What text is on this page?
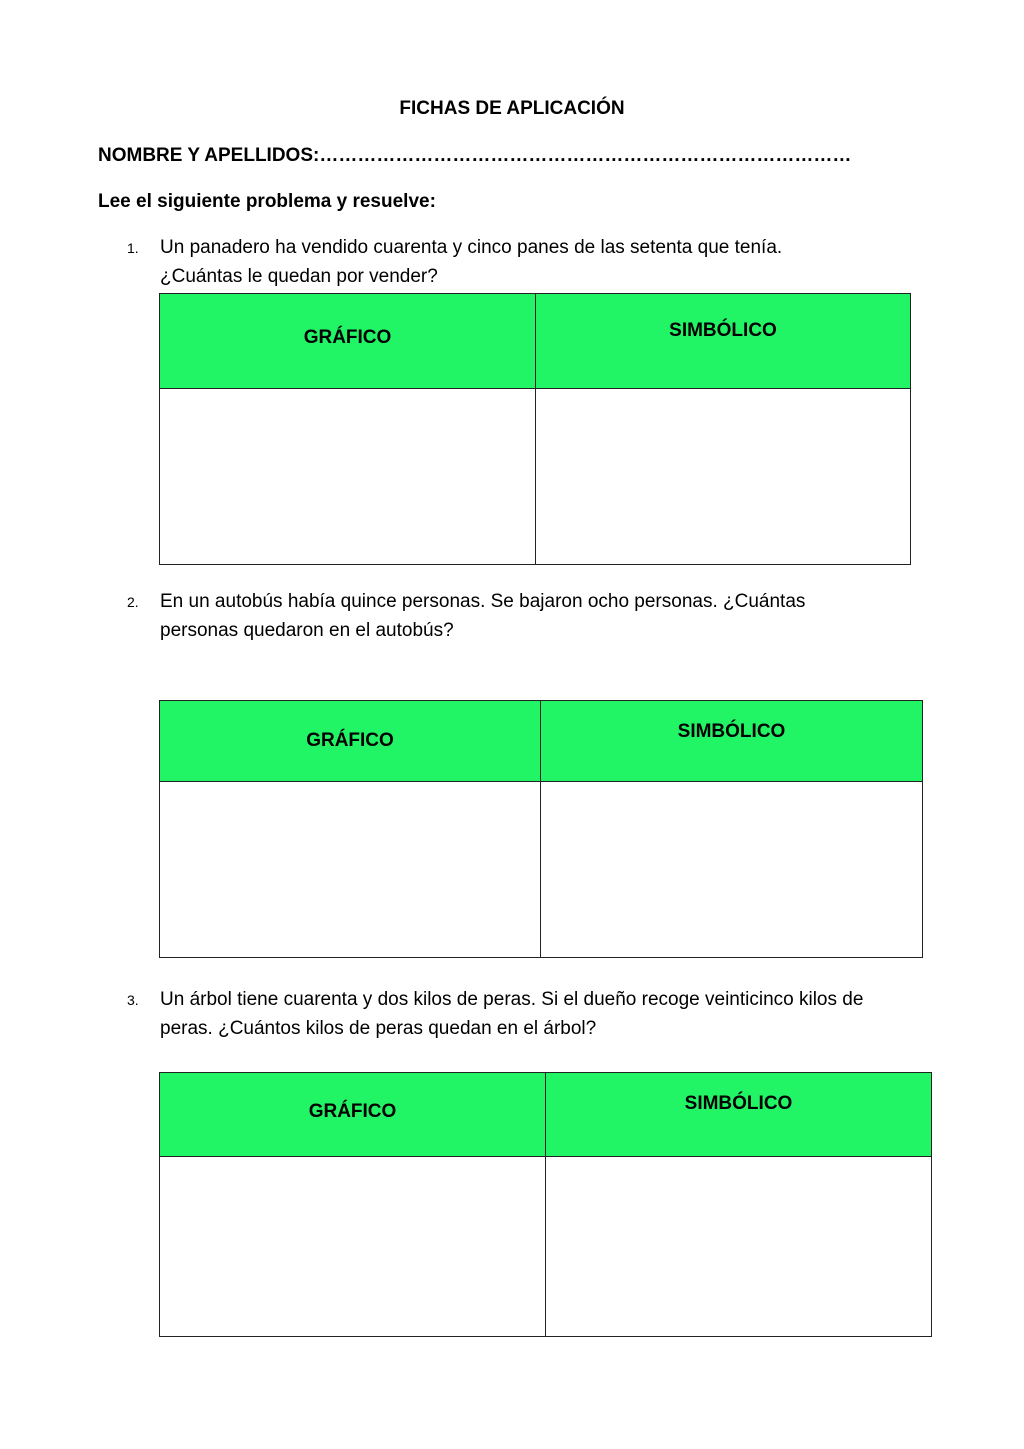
FICHAS DE APLICACIÓN
NOMBRE Y APELLIDOS:…………………………………………………………………………
Lee el siguiente problema y resuelve:
1. Un panadero ha vendido cuarenta y cinco panes de las setenta que tenía.
¿Cuántas le quedan por vender?
GRÁFICO	SIMBÓLICO

2. En un autobús había quince personas. Se bajaron ocho personas. ¿Cuántas
personas quedaron en el autobús?
GRÁFICO	SIMBÓLICO

3. Un árbol tiene cuarenta y dos kilos de peras. Si el dueño recoge veinticinco kilos de
peras. ¿Cuántos kilos de peras quedan en el árbol?
GRÁFICO	SIMBÓLICO
